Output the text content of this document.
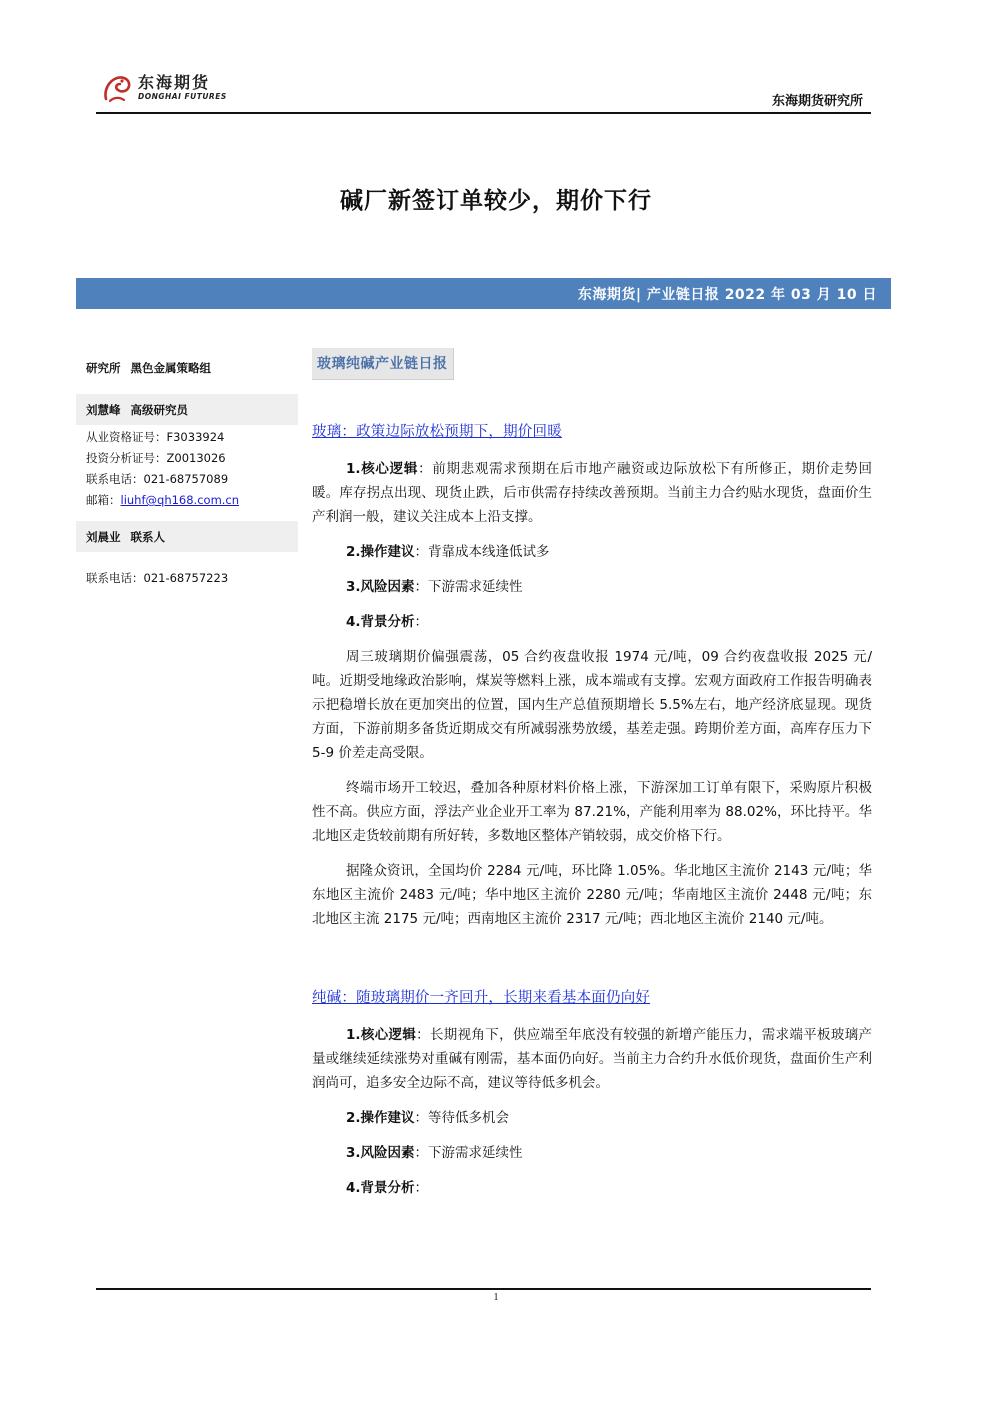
东海期货
DONGHAI FUTURES	东海期货研究所
碱厂新签订单较少，期价下行
东海期货| 产业链日报 2022 年 03 月 10 日
研究所 黑色金属策略组
刘慧峰 高级研究员
从业资格证号：F3033924
投资分析证号：Z0013026
联系电话：021-68757089
邮箱：liuhf@qh168.com.cn
刘晨业 联系人
联系电话：021-68757223
玻璃纯碱产业链日报
玻璃：政策边际放松预期下，期价回暖
1.核心逻辑：前期悲观需求预期在后市地产融资或边际放松下有所修正，期价走势回暖。库存拐点出现、现货止跌，后市供需存持续改善预期。当前主力合约贴水现货，盘面价生产利润一般，建议关注成本上沿支撑。
2.操作建议：背靠成本线逢低试多
3.风险因素：下游需求延续性
4.背景分析：
周三玻璃期价偏强震荡，05 合约夜盘收报 1974 元/吨，09 合约夜盘收报 2025 元/吨。近期受地缘政治影响，煤炭等燃料上涨，成本端或有支撑。宏观方面政府工作报告明确表示把稳增长放在更加突出的位置，国内生产总值预期增长 5.5%左右，地产经济底显现。现货方面，下游前期多备货近期成交有所减弱涨势放缓，基差走强。跨期价差方面，高库存压力下 5-9 价差走高受限。
终端市场开工较迟，叠加各种原材料价格上涨，下游深加工订单有限下，采购原片积极性不高。供应方面，浮法产业企业开工率为 87.21%，产能利用率为 88.02%，环比持平。华北地区走货较前期有所好转，多数地区整体产销较弱，成交价格下行。
据隆众资讯，全国均价 2284 元/吨，环比降 1.05%。华北地区主流价 2143 元/吨；华东地区主流价 2483 元/吨；华中地区主流价 2280 元/吨；华南地区主流价 2448 元/吨；东北地区主流 2175 元/吨；西南地区主流价 2317 元/吨；西北地区主流价 2140 元/吨。
纯碱：随玻璃期价一齐回升，长期来看基本面仍向好
1.核心逻辑：长期视角下，供应端至年底没有较强的新增产能压力，需求端平板玻璃产量或继续延续涨势对重碱有刚需，基本面仍向好。当前主力合约升水低价现货，盘面价生产利润尚可，追多安全边际不高，建议等待低多机会。
2.操作建议：等待低多机会
3.风险因素：下游需求延续性
4.背景分析：
1
